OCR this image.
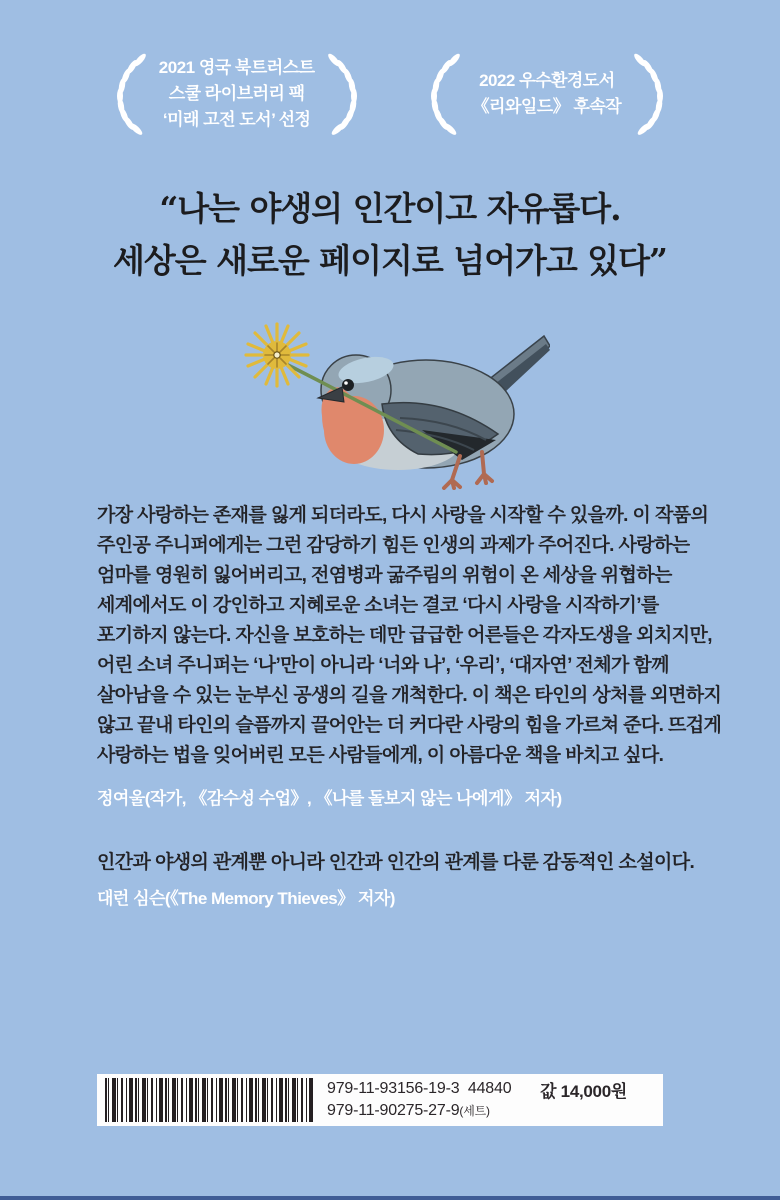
2021 영국 북트러스트
스쿨 라이브러리 팩
‘미래 고전 도서’ 선정
2022 우수환경도서
《리와일드》 후속작
“나는 야생의 인간이고 자유롭다.
세상은 새로운 페이지로 넘어가고 있다”
가장 사랑하는 존재를 잃게 되더라도, 다시 사랑을 시작할 수 있을까. 이 작품의
주인공 주니퍼에게는 그런 감당하기 힘든 인생의 과제가 주어진다. 사랑하는
엄마를 영원히 잃어버리고, 전염병과 굶주림의 위험이 온 세상을 위협하는
세계에서도 이 강인하고 지혜로운 소녀는 결코 ‘다시 사랑을 시작하기’를
포기하지 않는다. 자신을 보호하는 데만 급급한 어른들은 각자도생을 외치지만,
어린 소녀 주니퍼는 ‘나’만이 아니라 ‘너와 나’, ‘우리’, ‘대자연’ 전체가 함께
살아남을 수 있는 눈부신 공생의 길을 개척한다. 이 책은 타인의 상처를 외면하지
않고 끝내 타인의 슬픔까지 끌어안는 더 커다란 사랑의 힘을 가르쳐 준다. 뜨겁게
사랑하는 법을 잊어버린 모든 사람들에게, 이 아름다운 책을 바치고 싶다.
정여울(작가, 《감수성 수업》, 《나를 돌보지 않는 나에게》 저자)
인간과 야생의 관계뿐 아니라 인간과 인간의 관계를 다룬 감동적인 소설이다.
대런 심슨(《The Memory Thieves》 저자)
979-11-93156-19-3  44840
979-11-90275-27-9(세트)
값 14,000원
